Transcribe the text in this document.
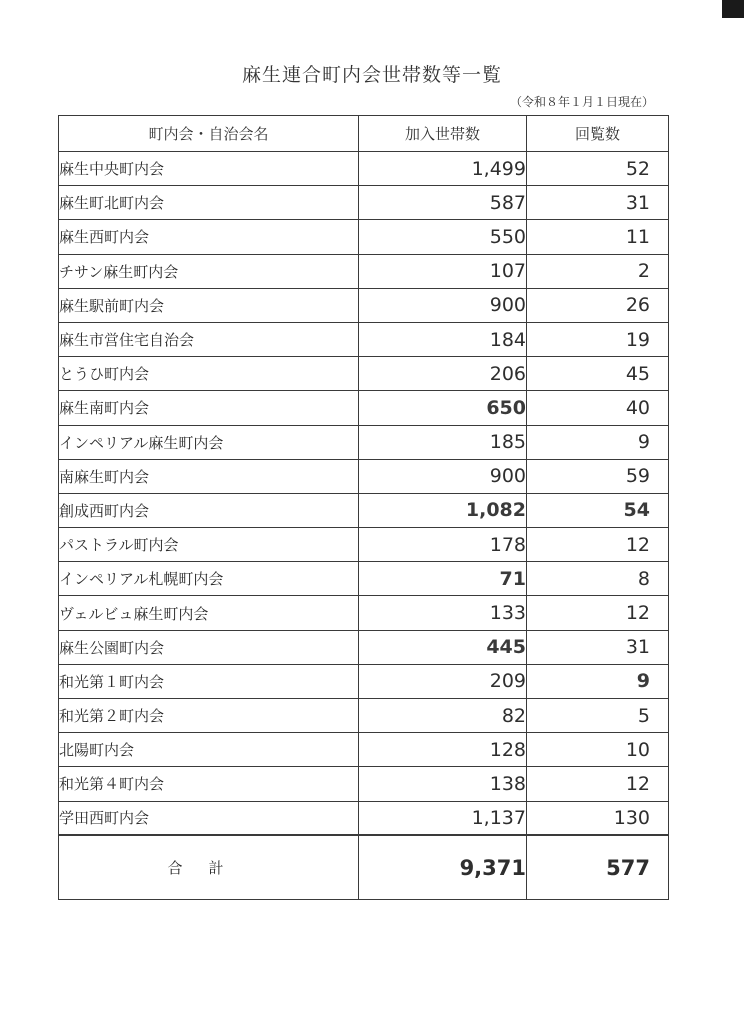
麻生連合町内会世帯数等一覧
（令和８年１月１日現在）
町内会・自治会名	加入世帯数	回覧数
麻生中央町内会	1,499	52
麻生町北町内会	587	31
麻生西町内会	550	11
チサン麻生町内会	107	2
麻生駅前町内会	900	26
麻生市営住宅自治会	184	19
とうひ町内会	206	45
麻生南町内会	650	40
インペリアル麻生町内会	185	9
南麻生町内会	900	59
創成西町内会	1,082	54
パストラル町内会	178	12
インペリアル札幌町内会	71	8
ヴェルビュ麻生町内会	133	12
麻生公園町内会	445	31
和光第１町内会	209	9
和光第２町内会	82	5
北陽町内会	128	10
和光第４町内会	138	12
学田西町内会	1,137	130
合計	9,371	577
